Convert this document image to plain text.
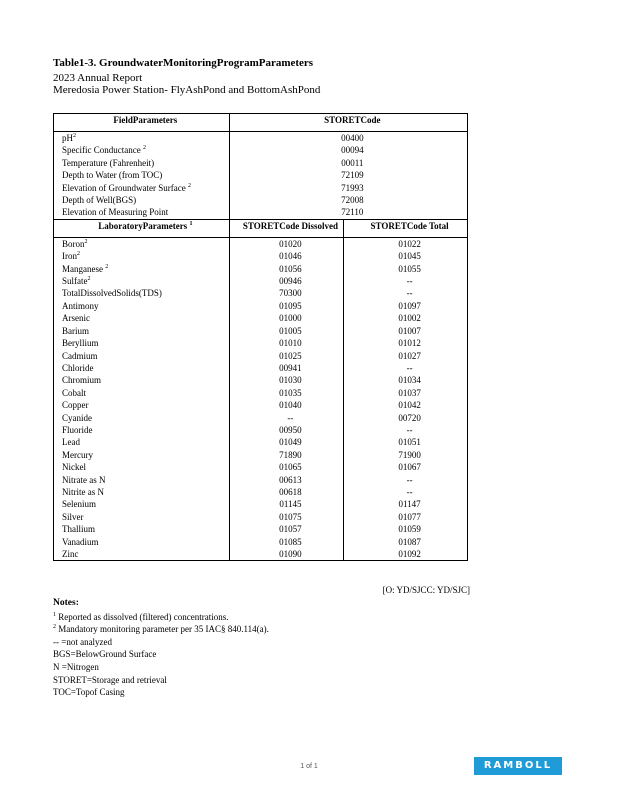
Table1-3. GroundwaterMonitoringProgramParameters
2023 Annual Report
Meredosia Power Station- FlyAshPond and BottomAshPond
FieldParameters	STORETCode	
$pH^2$	00400	
Specific Conductance $^2$	00094	
Temperature (Fahrenheit)	00011	
Depth to Water (from TOC)	72109	
Elevation of Groundwater Surface $^2$	71993	
Depth of Well(BGS)	72008	
Elevation of Measuring Point	72110	
LaboratoryParameters $^1$	STORETCode Dissolved	STORETCode Total
Boron$^2$	01020	01022
Iron$^2$	01046	01045
Manganese $^2$	01056	01055
Sulfate$^2$	00946	--
TotalDissolvedSolids(TDS)	70300	--
Antimony	01095	01097
Arsenic	01000	01002
Barium	01005	01007
Beryllium	01010	01012
Cadmium	01025	01027
Chloride	00941	--
Chromium	01030	01034
Cobalt	01035	01037
Copper	01040	01042
Cyanide	--	00720
Fluoride	00950	--
Lead	01049	01051
Mercury	71890	71900
Nickel	01065	01067
Nitrate as N	00613	--
Nitrite as N	00618	--
Selenium	01145	01147
Silver	01075	01077
Thallium	01057	01059
Vanadium	01085	01087
Zinc	01090	01092
[O: YD/SJCC: YD/SJC]
Notes:
$^1$ Reported as dissolved (filtered) concentrations.
$^2$ Mandatory monitoring parameter per 35 IAC§ 840.114(a).
-- =not analyzed
BGS=BelowGround Surface
N =Nitrogen
STORET=Storage and retrieval
TOC=Topof Casing
1 of 1	RAMBOLL
